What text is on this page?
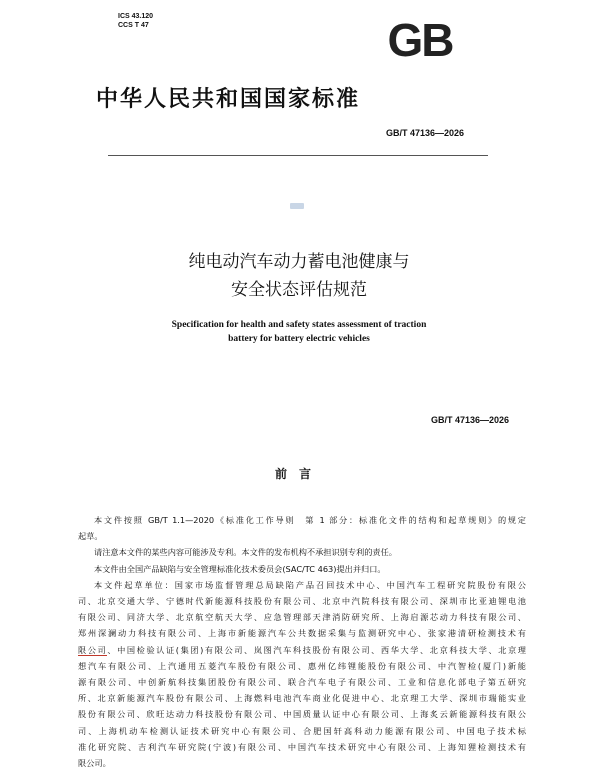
ICS 43.120
CCS T 47	GB
中华人民共和国国家标准
GB/T 47136—2026
纯电动汽车动力蓄电池健康与
安全状态评估规范
Specification for health and safety states assessment of traction
battery for battery electric vehicles
GB/T 47136—2026
前言
本文件按照 GB/T 1.1—2020《标准化工作导则　第 1 部分：标准化文件的结构和起草规则》的规定
起草。
请注意本文件的某些内容可能涉及专利。本文件的发布机构不承担识别专利的责任。
本文件由全国产品缺陷与安全管理标准化技术委员会(SAC/TC 463)提出并归口。
本文件起草单位：国家市场监督管理总局缺陷产品召回技术中心、中国汽车工程研究院股份有限公
司、北京交通大学、宁德时代新能源科技股份有限公司、北京中汽院科技有限公司、深圳市比亚迪锂电池
有限公司、同济大学、北京航空航天大学、应急管理部天津消防研究所、上海启源芯动力科技有限公司、
郑州深澜动力科技有限公司、上海市新能源汽车公共数据采集与监测研究中心、张家港清研检测技术有
限公司、中国检验认证(集团)有限公司、岚图汽车科技股份有限公司、西华大学、北京科技大学、北京理
想汽车有限公司、上汽通用五菱汽车股份有限公司、惠州亿纬锂能股份有限公司、中汽智检(厦门)新能
源有限公司、中创新航科技集团股份有限公司、联合汽车电子有限公司、工业和信息化部电子第五研究
所、北京新能源汽车股份有限公司、上海燃料电池汽车商业化促进中心、北京理工大学、深圳市瑞能实业
股份有限公司、欣旺达动力科技股份有限公司、中国质量认证中心有限公司、上海炙云新能源科技有限公
司、上海机动车检测认证技术研究中心有限公司、合肥国轩高科动力能源有限公司、中国电子技术标
准化研究院、吉利汽车研究院(宁波)有限公司、中国汽车技术研究中心有限公司、上海知狸检测技术有
限公司。
